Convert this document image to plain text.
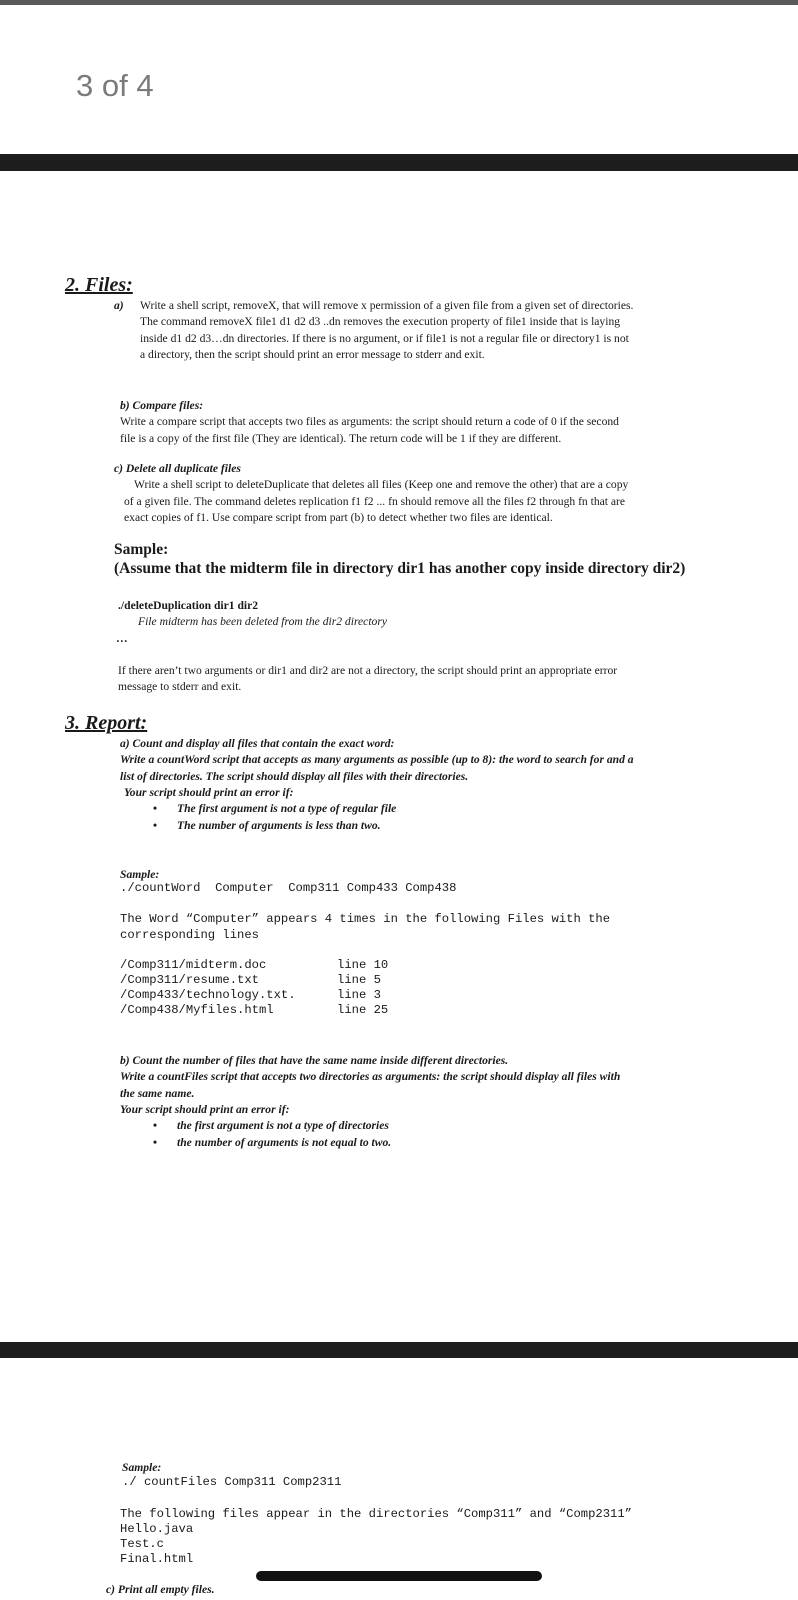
3 of 4
2. Files:
a) Write a shell script, removeX, that will remove x permission of a given file from a given set of directories.
The command removeX file1 d1 d2 d3 ..dn removes the execution property of file1 inside that is laying
inside d1 d2 d3…dn directories. If there is no argument, or if file1 is not a regular file or directory1 is not
a directory, then the script should print an error message to stderr and exit.
b) Compare files:
Write a compare script that accepts two files as arguments: the script should return a code of 0 if the second
file is a copy of the first file (They are identical). The return code will be 1 if they are different.
c) Delete all duplicate files
Write a shell script to deleteDuplicate that deletes all files (Keep one and remove the other) that are a copy
of a given file. The command deletes replication f1 f2 ... fn should remove all the files f2 through fn that are
exact copies of f1. Use compare script from part (b) to detect whether two files are identical.
Sample:
(Assume that the midterm file in directory dir1 has another copy inside directory dir2)
./deleteDuplication dir1 dir2
File midterm has been deleted from the dir2 directory
…
If there aren’t two arguments or dir1 and dir2 are not a directory, the script should print an appropriate error
message to stderr and exit.
3. Report:
a) Count and display all files that contain the exact word:
Write a countWord script that accepts as many arguments as possible (up to 8): the word to search for and a
list of directories. The script should display all files with their directories.
Your script should print an error if:
• The first argument is not a type of regular file
• The number of arguments is less than two.
Sample:
./countWord  Computer  Comp311 Comp433 Comp438
The Word “Computer” appears 4 times in the following Files with the
corresponding lines
/Comp311/midterm.doc	line 10
/Comp311/resume.txt	line 5
/Comp433/technology.txt.	line 3
/Comp438/Myfiles.html	line 25
b) Count the number of files that have the same name inside different directories.
Write a countFiles script that accepts two directories as arguments: the script should display all files with
the same name.
Your script should print an error if:
• the first argument is not a type of directories
• the number of arguments is not equal to two.
Sample:
./ countFiles Comp311 Comp2311
The following files appear in the directories “Comp311” and “Comp2311”
Hello.java
Test.c
Final.html
c) Print all empty files.
